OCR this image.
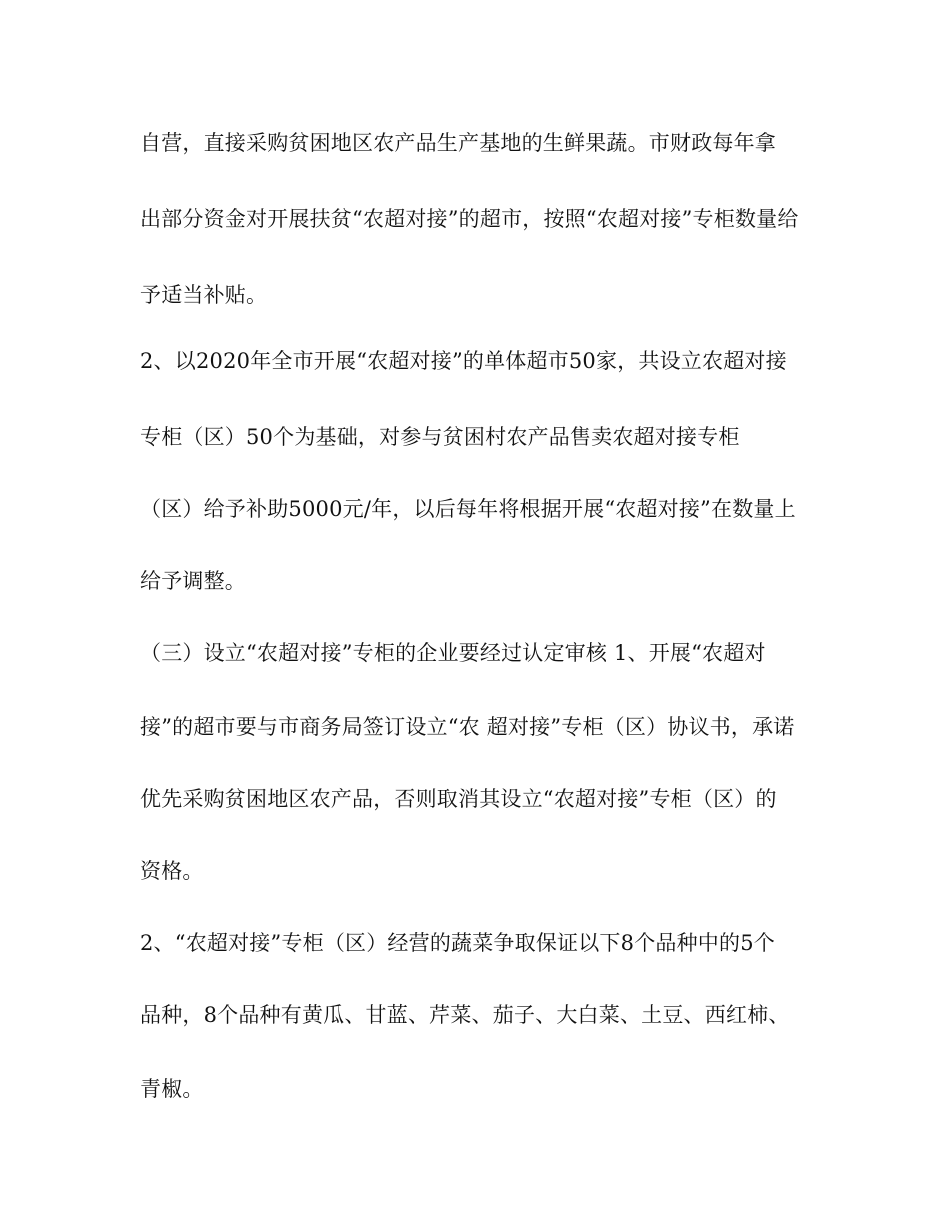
自营，直接采购贫困地区农产品生产基地的生鲜果蔬。市财政每年拿
出部分资金对开展扶贫“农超对接”的超市，按照“农超对接”专柜数量给
予适当补贴。
2、以2020年全市开展“农超对接”的单体超市50家，共设立农超对接
专柜（区）50个为基础，对参与贫困村农产品售卖农超对接专柜
（区）给予补助5000元/年，以后每年将根据开展“农超对接”在数量上
给予调整。
（三）设立“农超对接”专柜的企业要经过认定审核 1、开展“农超对
接”的超市要与市商务局签订设立“农 超对接”专柜（区）协议书，承诺
优先采购贫困地区农产品，否则取消其设立“农超对接”专柜（区）的
资格。
2、“农超对接”专柜（区）经营的蔬菜争取保证以下8个品种中的5个
品种，8个品种有黄瓜、甘蓝、芹菜、茄子、大白菜、土豆、西红柿、
青椒。
